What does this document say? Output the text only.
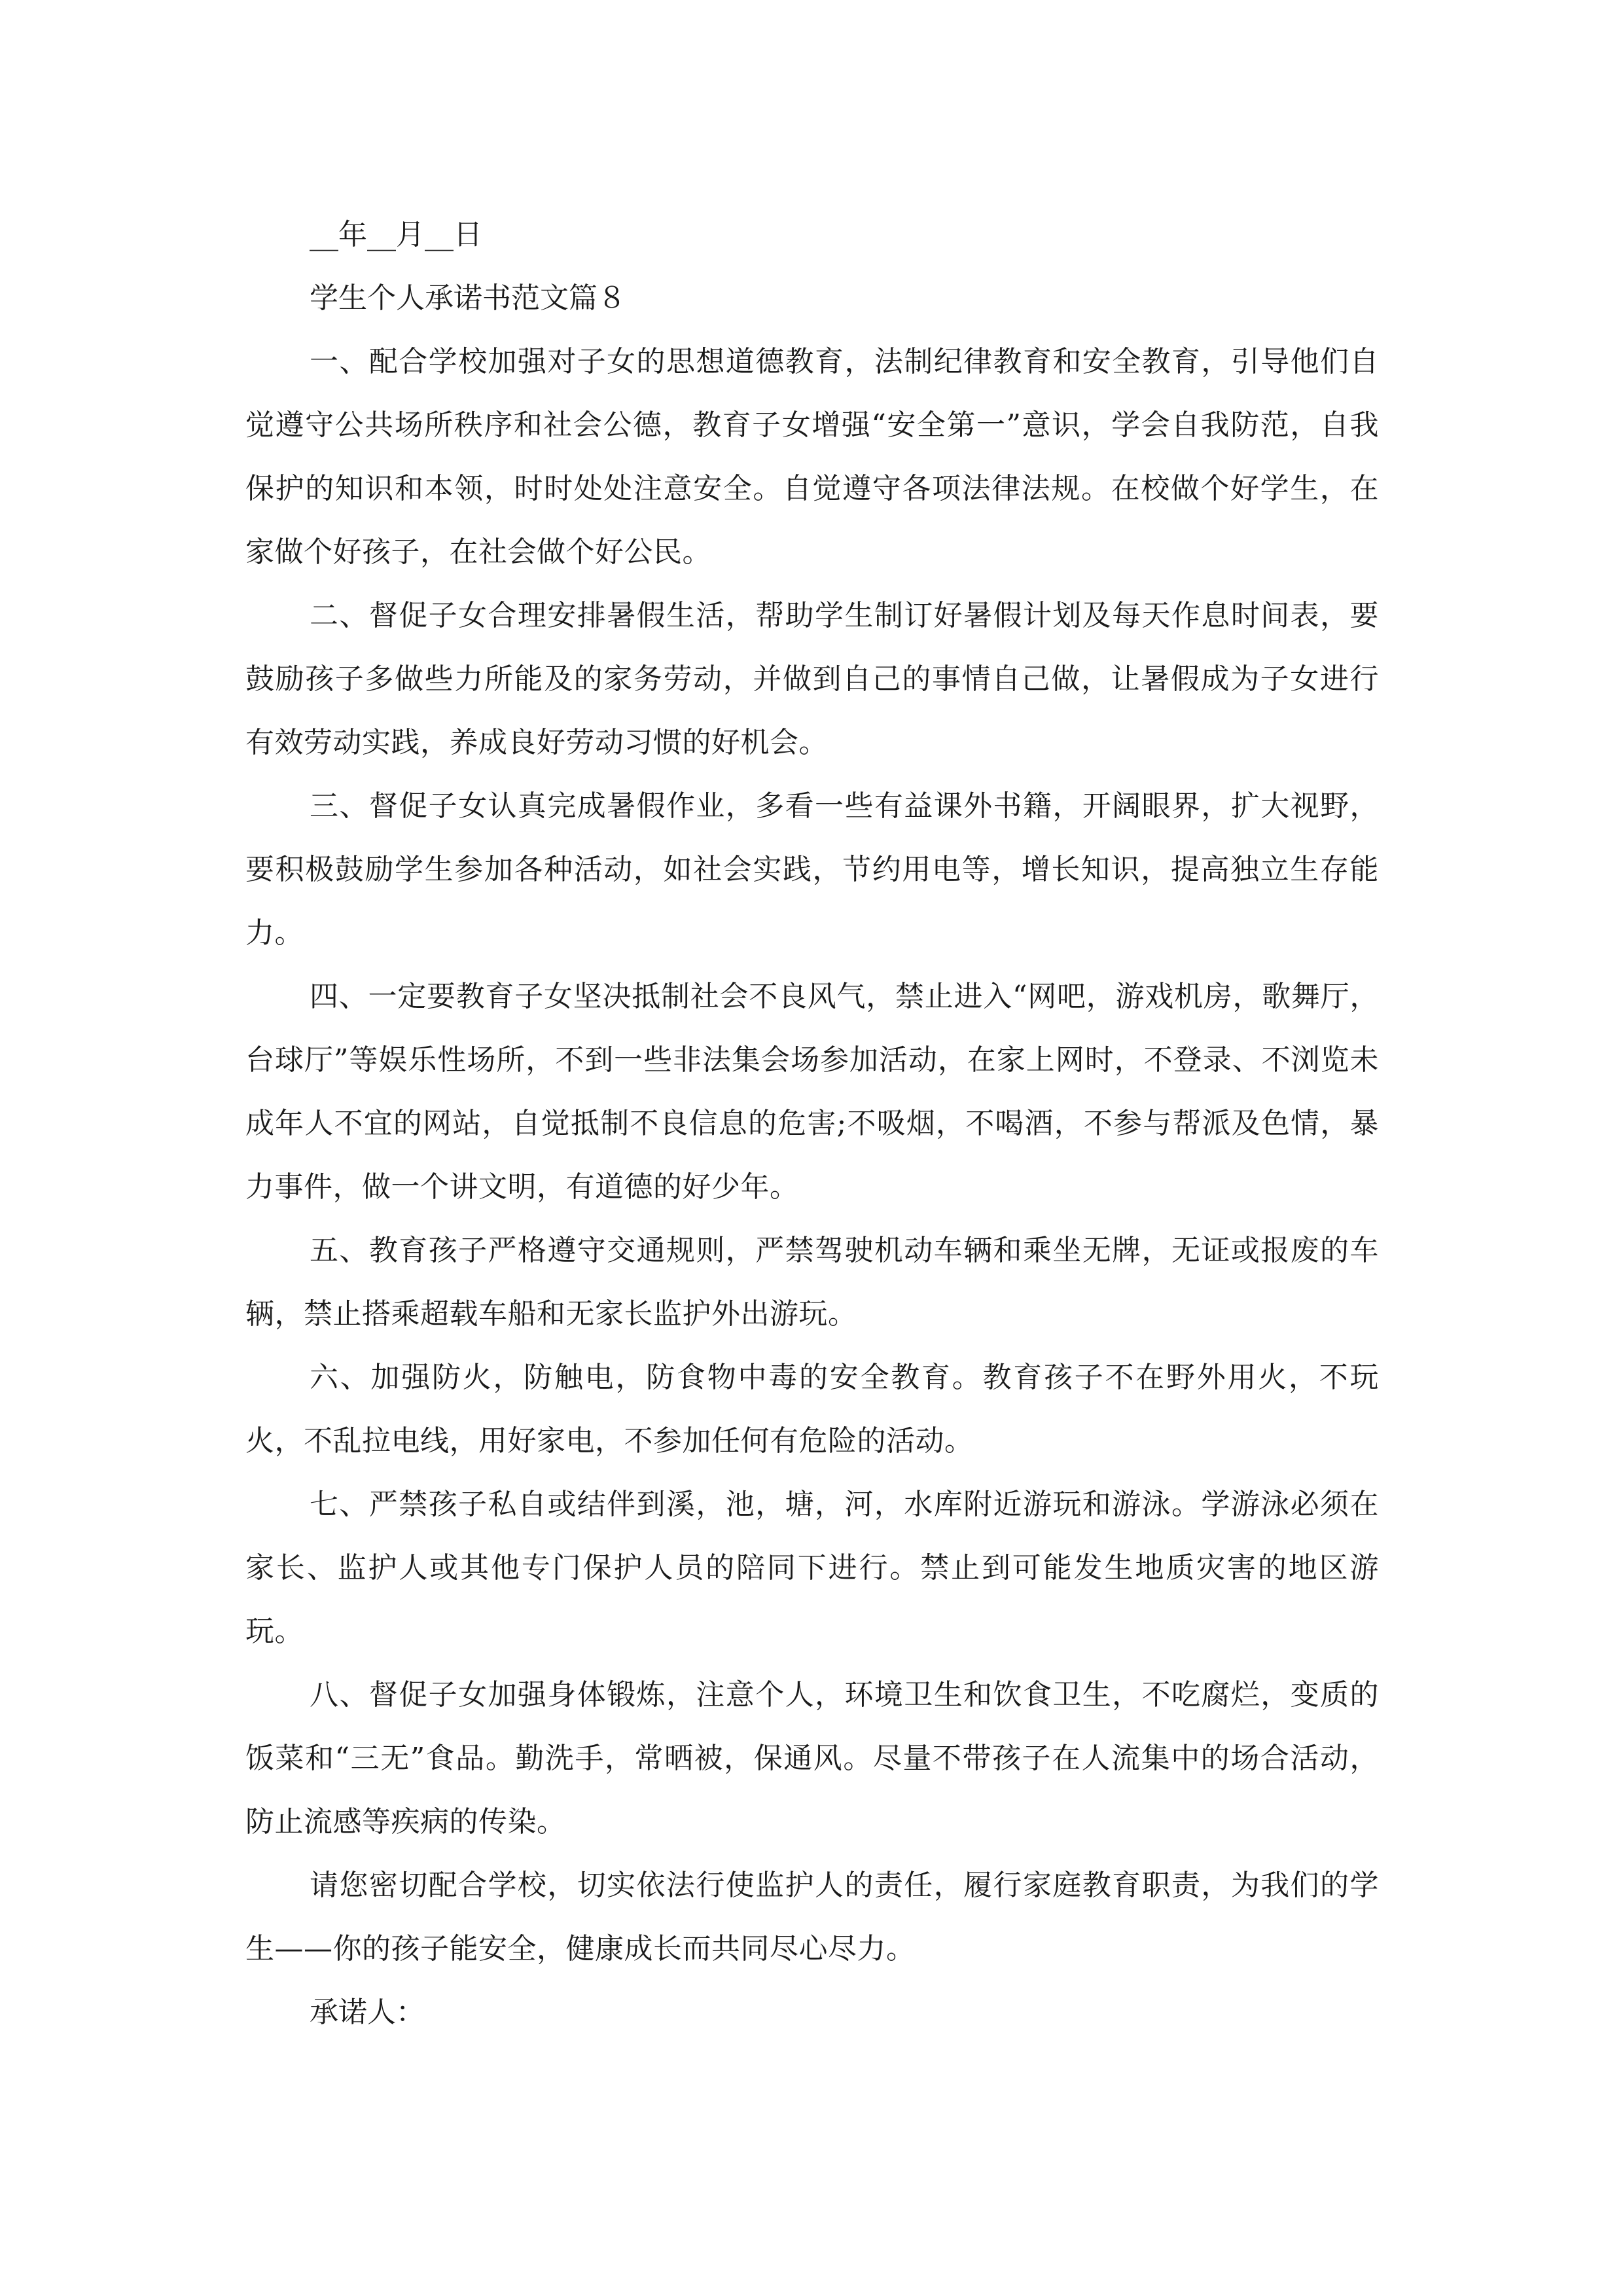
__年__月__日

学生个人承诺书范文篇８

一、配合学校加强对子女的思想道德教育，法制纪律教育和安全教育，引导他们自觉遵守公共场所秩序和社会公德，教育子女增强“安全第一”意识，学会自我防范，自我保护的知识和本领，时时处处注意安全。自觉遵守各项法律法规。在校做个好学生，在家做个好孩子，在社会做个好公民。

二、督促子女合理安排暑假生活，帮助学生制订好暑假计划及每天作息时间表，要鼓励孩子多做些力所能及的家务劳动，并做到自己的事情自己做，让暑假成为子女进行有效劳动实践，养成良好劳动习惯的好机会。

三、督促子女认真完成暑假作业，多看一些有益课外书籍，开阔眼界，扩大视野，要积极鼓励学生参加各种活动，如社会实践，节约用电等，增长知识，提高独立生存能力。

四、一定要教育子女坚决抵制社会不良风气，禁止进入“网吧，游戏机房，歌舞厅，台球厅”等娱乐性场所，不到一些非法集会场参加活动，在家上网时，不登录、不浏览未成年人不宜的网站，自觉抵制不良信息的危害;不吸烟，不喝酒，不参与帮派及色情，暴力事件，做一个讲文明，有道德的好少年。

五、教育孩子严格遵守交通规则，严禁驾驶机动车辆和乘坐无牌，无证或报废的车辆，禁止搭乘超载车船和无家长监护外出游玩。

六、加强防火，防触电，防食物中毒的安全教育。教育孩子不在野外用火，不玩火，不乱拉电线，用好家电，不参加任何有危险的活动。

七、严禁孩子私自或结伴到溪，池，塘，河，水库附近游玩和游泳。学游泳必须在家长、监护人或其他专门保护人员的陪同下进行。禁止到可能发生地质灾害的地区游玩。

八、督促子女加强身体锻炼，注意个人，环境卫生和饮食卫生，不吃腐烂，变质的饭菜和“三无”食品。勤洗手，常晒被，保通风。尽量不带孩子在人流集中的场合活动，防止流感等疾病的传染。

请您密切配合学校，切实依法行使监护人的责任，履行家庭教育职责，为我们的学生——你的孩子能安全，健康成长而共同尽心尽力。

承诺人：
